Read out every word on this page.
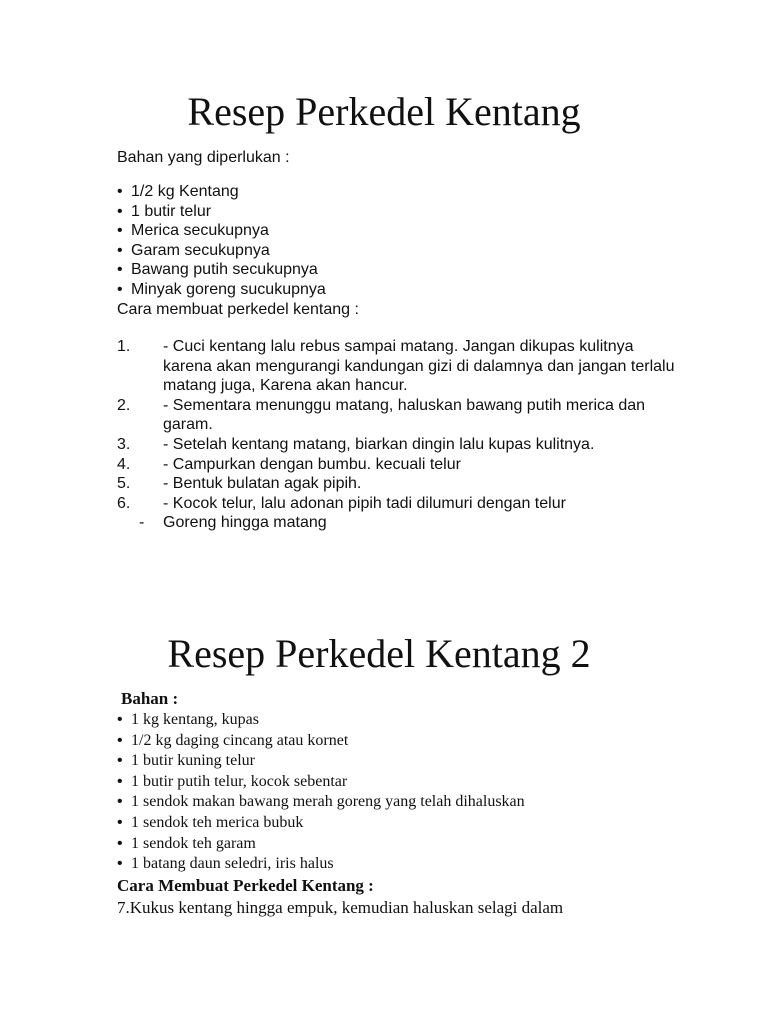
Resep Perkedel Kentang

Bahan yang diperlukan :

• 1/2 kg Kentang
• 1 butir telur
• Merica secukupnya
• Garam secukupnya
• Bawang putih secukupnya
• Minyak goreng sucukupnya

Cara membuat perkedel kentang :

1.	- Cuci kentang lalu rebus sampai matang. Jangan dikupas kulitnya karena akan mengurangi kandungan gizi di dalamnya dan jangan terlalu matang juga, Karena akan hancur.
2.	- Sementara menunggu matang, haluskan bawang putih merica dan garam.
3.	- Setelah kentang matang, biarkan dingin lalu kupas kulitnya.
4.	- Campurkan dengan bumbu. kecuali telur
5.	- Bentuk bulatan agak pipih.
6.	- Kocok telur, lalu adonan pipih tadi dilumuri dengan telur
-	Goreng hingga matang
Resep Perkedel Kentang 2

Bahan :

• 1 kg kentang, kupas
• 1/2 kg daging cincang atau kornet
• 1 butir kuning telur
• 1 butir putih telur, kocok sebentar
• 1 sendok makan bawang merah goreng yang telah dihaluskan
• 1 sendok teh merica bubuk
• 1 sendok teh garam
• 1 batang daun seledri, iris halus

Cara Membuat Perkedel Kentang :

7.Kukus kentang hingga empuk, kemudian haluskan selagi dalam
